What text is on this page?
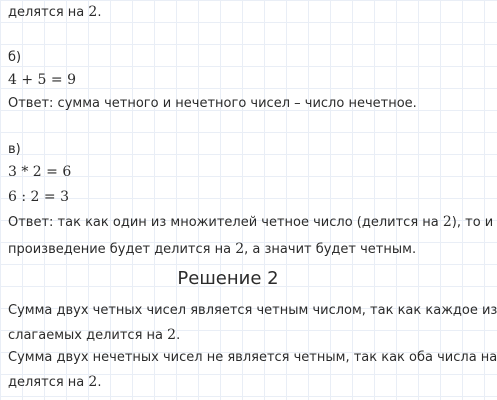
делятся на 2.
б)
4 + 5 = 9
Ответ: сумма четного и нечетного чисел – число нечетное.
в)
3 * 2 = 6
6 : 2 = 3
Ответ: так как один из множителей четное число (делится на 2), то и
произведение будет делится на 2, а значит будет четным.
Решение 2
Сумма двух четных чисел является четным числом, так как каждое из
слагаемых делится на 2.
Сумма двух нечетных чисел не является четным, так как оба числа на
делятся на 2.
